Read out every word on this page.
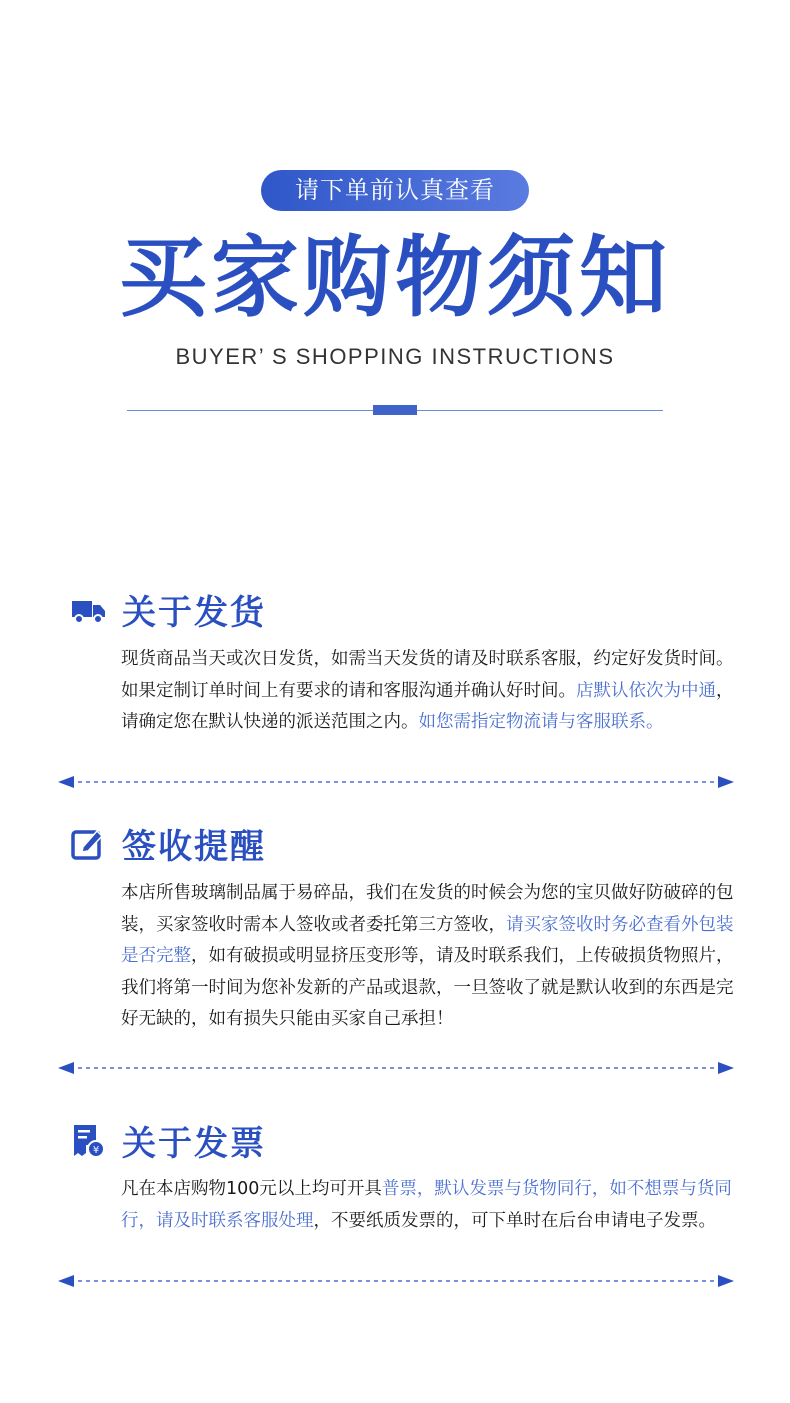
请下单前认真查看
买家购物须知
BUYER’ S SHOPPING INSTRUCTIONS
关于发货
现货商品当天或次日发货，如需当天发货的请及时联系客服，约定好发货时间。如果定制订单时间上有要求的请和客服沟通并确认好时间。店默认依次为中通，请确定您在默认快递的派送范围之内。如您需指定物流请与客服联系。
签收提醒
本店所售玻璃制品属于易碎品，我们在发货的时候会为您的宝贝做好防破碎的包装，买家签收时需本人签收或者委托第三方签收，请买家签收时务必查看外包装是否完整，如有破损或明显挤压变形等，请及时联系我们，上传破损货物照片，我们将第一时间为您补发新的产品或退款，一旦签收了就是默认收到的东西是完好无缺的，如有损失只能由买家自己承担！
¥ 关于发票
凡在本店购物100元以上均可开具普票，默认发票与货物同行，如不想票与货同行，请及时联系客服处理，不要纸质发票的，可下单时在后台申请电子发票。
